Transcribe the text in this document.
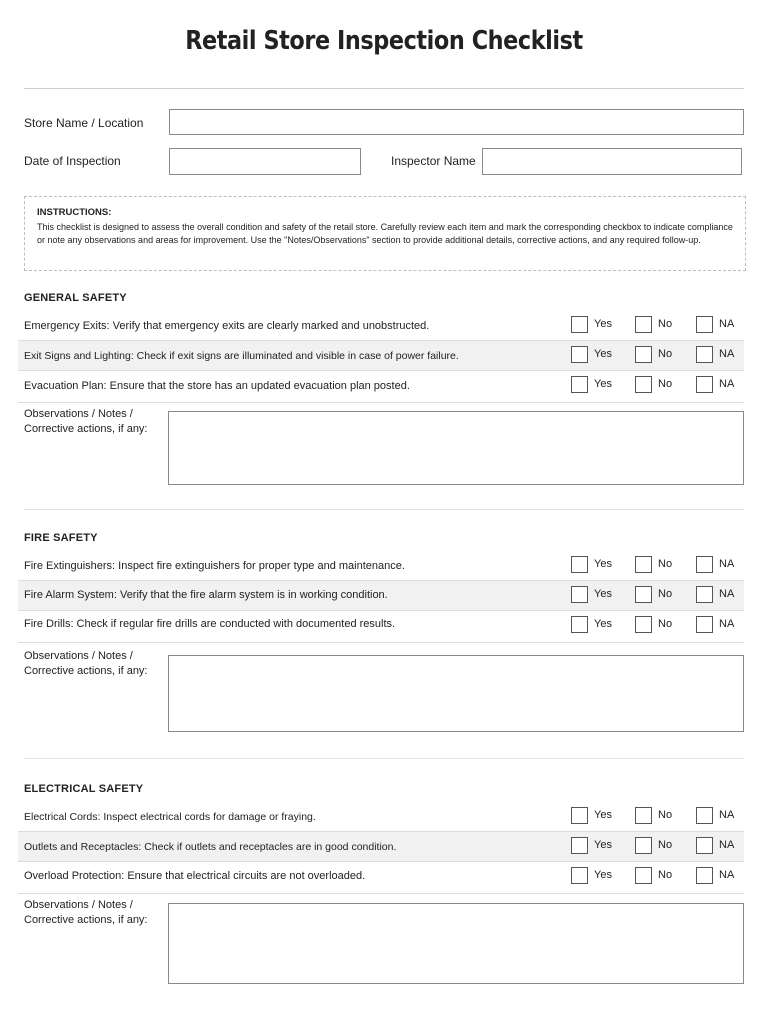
Retail Store Inspection Checklist
Store Name / Location
Date of Inspection	Inspector Name
INSTRUCTIONS:
This checklist is designed to assess the overall condition and safety of the retail store. Carefully review each item and mark the corresponding checkbox to indicate compliance or note any observations and areas for improvement. Use the "Notes/Observations" section to provide additional details, corrective actions, and any required follow-up.
GENERAL SAFETY
Emergency Exits: Verify that emergency exits are clearly marked and unobstructed.	Yes	No	NA
Exit Signs and Lighting: Check if exit signs are illuminated and visible in case of power failure.	Yes	No	NA
Evacuation Plan: Ensure that the store has an updated evacuation plan posted.	Yes	No	NA
Observations / Notes /
Corrective actions, if any:
FIRE SAFETY
Fire Extinguishers: Inspect fire extinguishers for proper type and maintenance.	Yes	No	NA
Fire Alarm System: Verify that the fire alarm system is in working condition.	Yes	No	NA
Fire Drills: Check if regular fire drills are conducted with documented results.	Yes	No	NA
Observations / Notes /
Corrective actions, if any:
ELECTRICAL SAFETY
Electrical Cords: Inspect electrical cords for damage or fraying.	Yes	No	NA
Outlets and Receptacles: Check if outlets and receptacles are in good condition.	Yes	No	NA
Overload Protection: Ensure that electrical circuits are not overloaded.	Yes	No	NA
Observations / Notes /
Corrective actions, if any:
